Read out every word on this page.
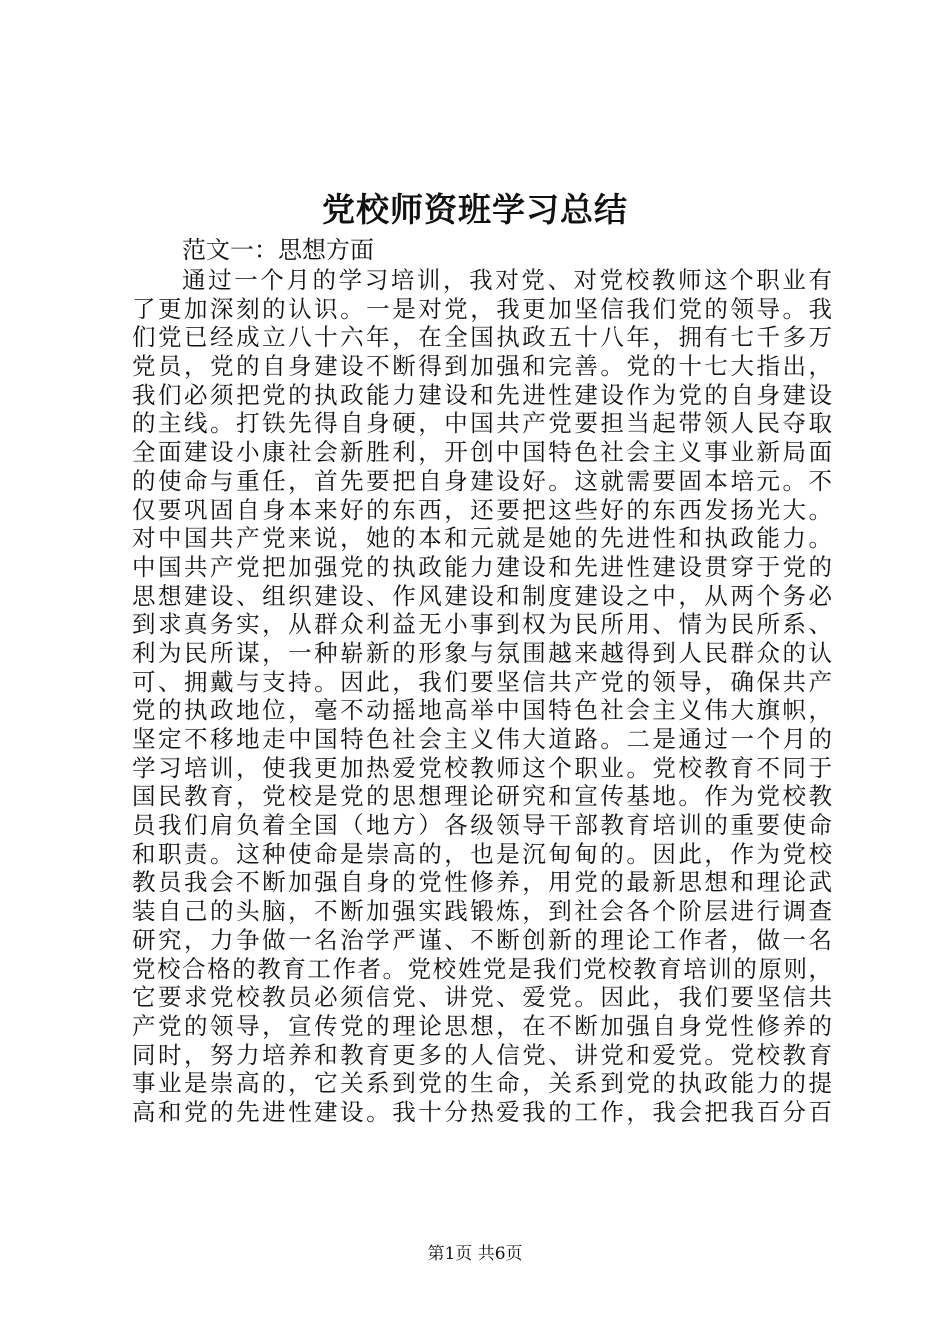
党校师资班学习总结
范文一：思想方面
通过一个月的学习培训，我对党、对党校教师这个职业有
了更加深刻的认识。一是对党，我更加坚信我们党的领导。我
们党已经成立八十六年，在全国执政五十八年，拥有七千多万
党员，党的自身建设不断得到加强和完善。党的十七大指出，
我们必须把党的执政能力建设和先进性建设作为党的自身建设
的主线。打铁先得自身硬，中国共产党要担当起带领人民夺取
全面建设小康社会新胜利，开创中国特色社会主义事业新局面
的使命与重任，首先要把自身建设好。这就需要固本培元。不
仅要巩固自身本来好的东西，还要把这些好的东西发扬光大。
对中国共产党来说，她的本和元就是她的先进性和执政能力。
中国共产党把加强党的执政能力建设和先进性建设贯穿于党的
思想建设、组织建设、作风建设和制度建设之中，从两个务必
到求真务实，从群众利益无小事到权为民所用、情为民所系、
利为民所谋，一种崭新的形象与氛围越来越得到人民群众的认
可、拥戴与支持。因此，我们要坚信共产党的领导，确保共产
党的执政地位，毫不动摇地高举中国特色社会主义伟大旗帜，
坚定不移地走中国特色社会主义伟大道路。二是通过一个月的
学习培训，使我更加热爱党校教师这个职业。党校教育不同于
国民教育，党校是党的思想理论研究和宣传基地。作为党校教
员我们肩负着全国（地方）各级领导干部教育培训的重要使命
和职责。这种使命是崇高的，也是沉甸甸的。因此，作为党校
教员我会不断加强自身的党性修养，用党的最新思想和理论武
装自己的头脑，不断加强实践锻炼，到社会各个阶层进行调查
研究，力争做一名治学严谨、不断创新的理论工作者，做一名
党校合格的教育工作者。党校姓党是我们党校教育培训的原则，
它要求党校教员必须信党、讲党、爱党。因此，我们要坚信共
产党的领导，宣传党的理论思想，在不断加强自身党性修养的
同时，努力培养和教育更多的人信党、讲党和爱党。党校教育
事业是崇高的，它关系到党的生命，关系到党的执政能力的提
高和党的先进性建设。我十分热爱我的工作，我会把我百分百
第1页 共6页
